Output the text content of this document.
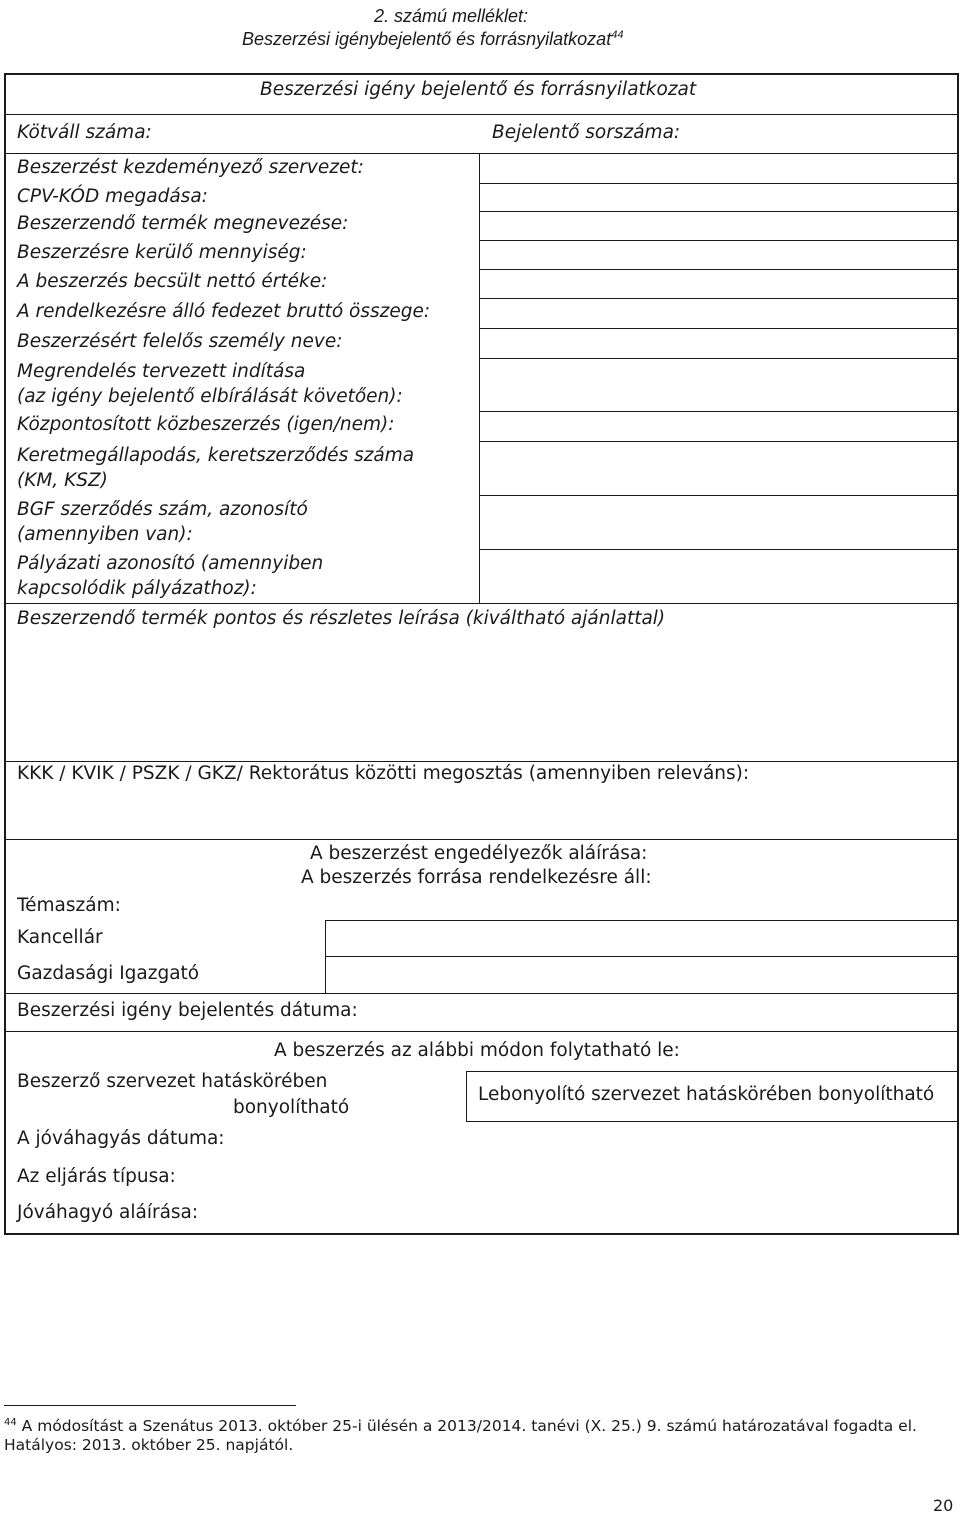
2. számú melléklet:
Beszerzési igénybejelentő és forrásnyilatkozat$^{44}$
Beszerzési igény bejelentő és forrásnyilatkozat
Kötváll száma:	Bejelentő sorszáma:
Beszerzést kezdeményező szervezet:
CPV-KÓD megadása:
Beszerzendő termék megnevezése:
Beszerzésre kerülő mennyiség:
A beszerzés becsült nettó értéke:
A rendelkezésre álló fedezet bruttó összege:
Beszerzésért felelős személy neve:
Megrendelés tervezett indítása
(az igény bejelentő elbírálását követően):
Központosított közbeszerzés (igen/nem):
Keretmegállapodás, keretszerződés száma
(KM, KSZ)
BGF szerződés szám, azonosító
(amennyiben van):
Pályázati azonosító (amennyiben
kapcsolódik pályázathoz):
Beszerzendő termék pontos és részletes leírása (kiváltható ajánlattal)
KKK / KVIK / PSZK / GKZ/ Rektorátus közötti megosztás (amennyiben releváns):
A beszerzést engedélyezők aláírása:
A beszerzés forrása rendelkezésre áll:
Témaszám:
Kancellár
Gazdasági Igazgató
Beszerzési igény bejelentés dátuma:
A beszerzés az alábbi módon folytatható le:
Beszerző szervezet hatáskörében
bonyolítható
Lebonyolító szervezet hatáskörében bonyolítható
A jóváhagyás dátuma:
Az eljárás típusa:
Jóváhagyó aláírása:
$^{44}$ A módosítást a Szenátus 2013. október 25-i ülésén a 2013/2014. tanévi (X. 25.) 9. számú határozatával fogadta el.
Hatályos: 2013. október 25. napjától.
20
